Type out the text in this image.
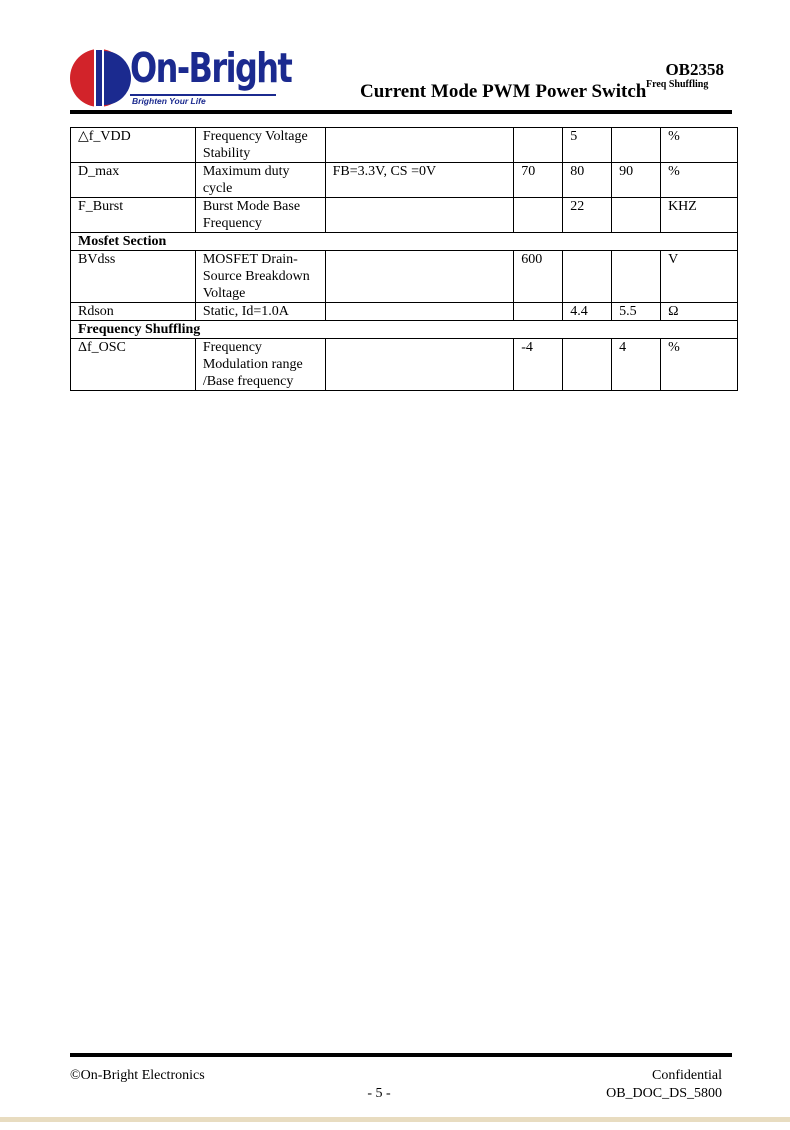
On-Bright
Brighten Your Life
OB2358
Current Mode PWM Power Switch Freq Shuffling
△f_VDD	Frequency Voltage Stability			5		%
D_max	Maximum duty cycle	FB=3.3V, CS =0V	70	80	90	%
F_Burst	Burst Mode Base Frequency			22		KHZ
Mosfet Section						
BVdss	MOSFET Drain-Source Breakdown Voltage		600			V
Rdson	Static, Id=1.0A			4.4	5.5	Ω
Frequency Shuffling						
Δf_OSC	Frequency Modulation range /Base frequency		-4		4	%
©On-Bright Electronics	Confidential
- 5 -	OB_DOC_DS_5800
